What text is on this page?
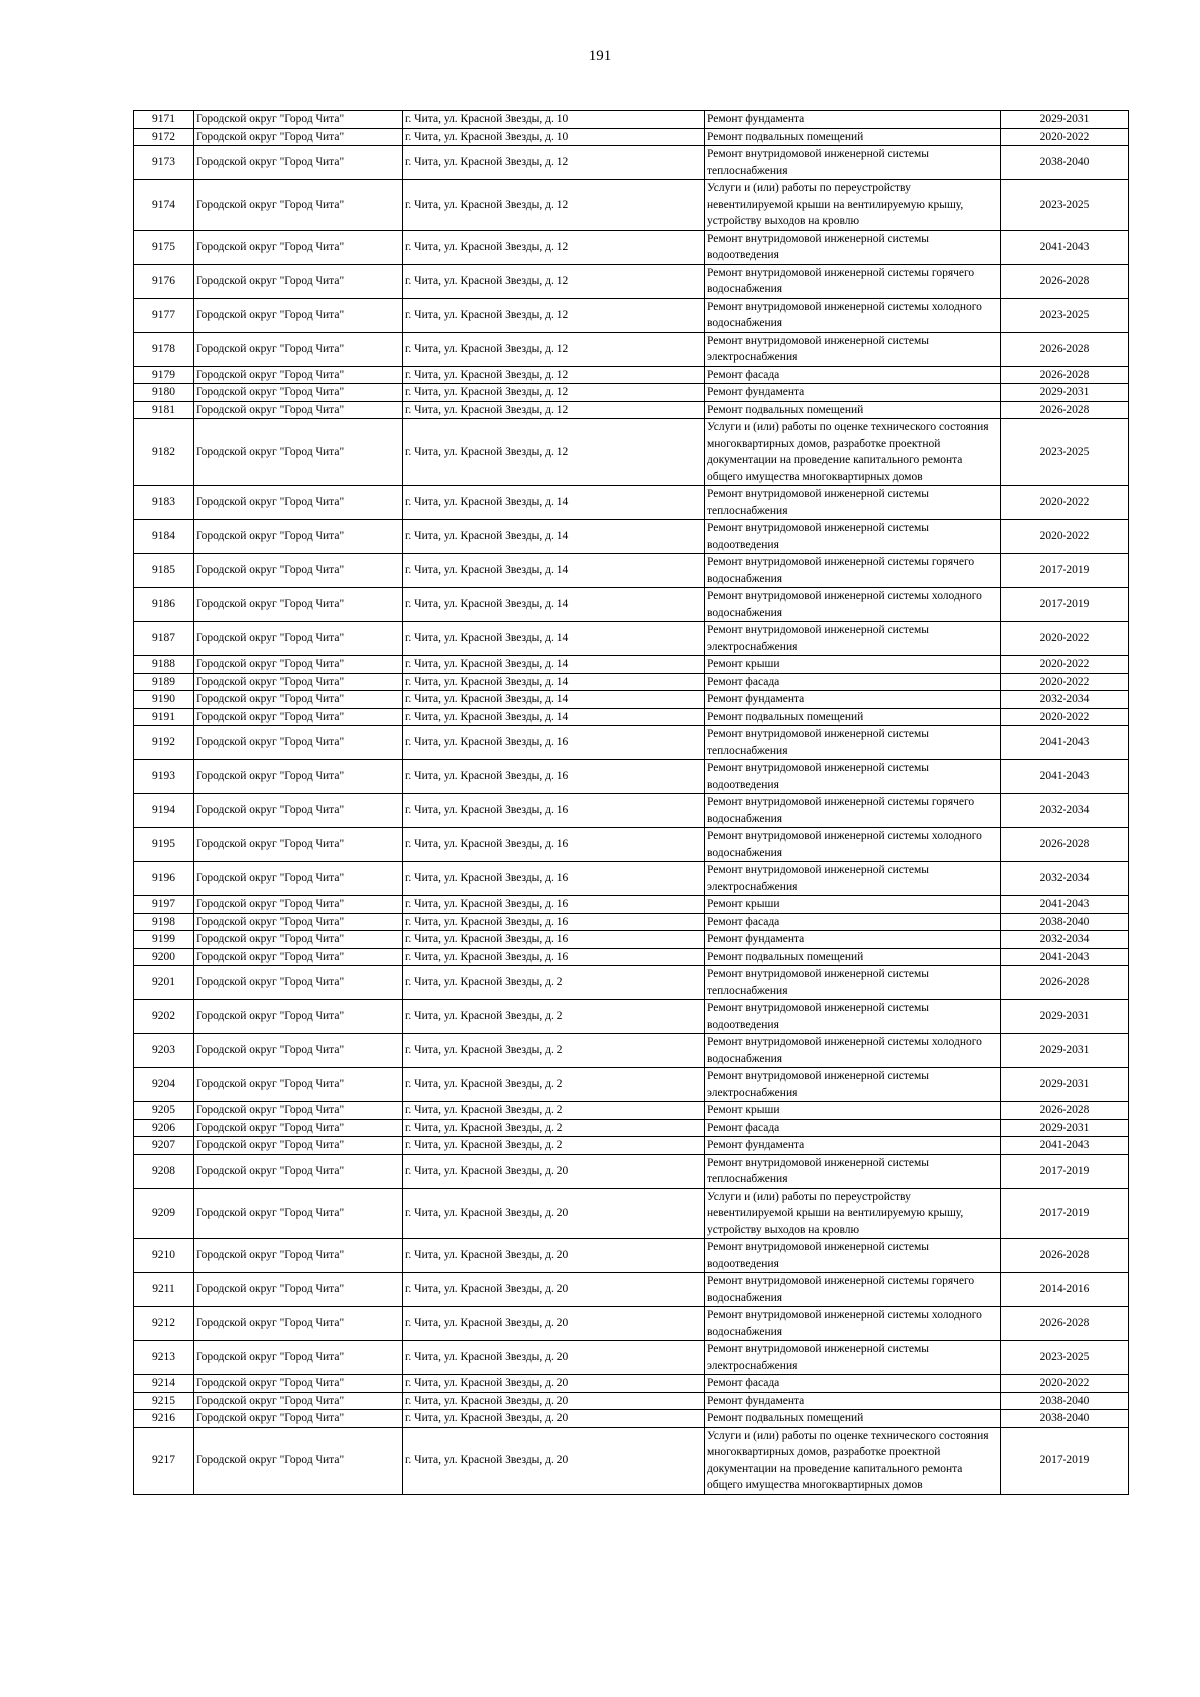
191
9171	Городской округ "Город Чита"	г. Чита, ул. Красной Звезды, д. 10	Ремонт фундамента	2029-2031
9172	Городской округ "Город Чита"	г. Чита, ул. Красной Звезды, д. 10	Ремонт подвальных помещений	2020-2022
9173	Городской округ "Город Чита"	г. Чита, ул. Красной Звезды, д. 12	Ремонт внутридомовой инженерной системы теплоснабжения	2038-2040
9174	Городской округ "Город Чита"	г. Чита, ул. Красной Звезды, д. 12	Услуги и (или) работы по переустройству невентилируемой крыши на вентилируемую крышу, устройству выходов на кровлю	2023-2025
9175	Городской округ "Город Чита"	г. Чита, ул. Красной Звезды, д. 12	Ремонт внутридомовой инженерной системы водоотведения	2041-2043
9176	Городской округ "Город Чита"	г. Чита, ул. Красной Звезды, д. 12	Ремонт внутридомовой инженерной системы горячего водоснабжения	2026-2028
9177	Городской округ "Город Чита"	г. Чита, ул. Красной Звезды, д. 12	Ремонт внутридомовой инженерной системы холодного водоснабжения	2023-2025
9178	Городской округ "Город Чита"	г. Чита, ул. Красной Звезды, д. 12	Ремонт внутридомовой инженерной системы электроснабжения	2026-2028
9179	Городской округ "Город Чита"	г. Чита, ул. Красной Звезды, д. 12	Ремонт фасада	2026-2028
9180	Городской округ "Город Чита"	г. Чита, ул. Красной Звезды, д. 12	Ремонт фундамента	2029-2031
9181	Городской округ "Город Чита"	г. Чита, ул. Красной Звезды, д. 12	Ремонт подвальных помещений	2026-2028
9182	Городской округ "Город Чита"	г. Чита, ул. Красной Звезды, д. 12	Услуги и (или) работы по оценке технического состояния многоквартирных домов, разработке проектной документации на проведение капитального ремонта общего имущества многоквартирных домов	2023-2025
9183	Городской округ "Город Чита"	г. Чита, ул. Красной Звезды, д. 14	Ремонт внутридомовой инженерной системы теплоснабжения	2020-2022
9184	Городской округ "Город Чита"	г. Чита, ул. Красной Звезды, д. 14	Ремонт внутридомовой инженерной системы водоотведения	2020-2022
9185	Городской округ "Город Чита"	г. Чита, ул. Красной Звезды, д. 14	Ремонт внутридомовой инженерной системы горячего водоснабжения	2017-2019
9186	Городской округ "Город Чита"	г. Чита, ул. Красной Звезды, д. 14	Ремонт внутридомовой инженерной системы холодного водоснабжения	2017-2019
9187	Городской округ "Город Чита"	г. Чита, ул. Красной Звезды, д. 14	Ремонт внутридомовой инженерной системы электроснабжения	2020-2022
9188	Городской округ "Город Чита"	г. Чита, ул. Красной Звезды, д. 14	Ремонт крыши	2020-2022
9189	Городской округ "Город Чита"	г. Чита, ул. Красной Звезды, д. 14	Ремонт фасада	2020-2022
9190	Городской округ "Город Чита"	г. Чита, ул. Красной Звезды, д. 14	Ремонт фундамента	2032-2034
9191	Городской округ "Город Чита"	г. Чита, ул. Красной Звезды, д. 14	Ремонт подвальных помещений	2020-2022
9192	Городской округ "Город Чита"	г. Чита, ул. Красной Звезды, д. 16	Ремонт внутридомовой инженерной системы теплоснабжения	2041-2043
9193	Городской округ "Город Чита"	г. Чита, ул. Красной Звезды, д. 16	Ремонт внутридомовой инженерной системы водоотведения	2041-2043
9194	Городской округ "Город Чита"	г. Чита, ул. Красной Звезды, д. 16	Ремонт внутридомовой инженерной системы горячего водоснабжения	2032-2034
9195	Городской округ "Город Чита"	г. Чита, ул. Красной Звезды, д. 16	Ремонт внутридомовой инженерной системы холодного водоснабжения	2026-2028
9196	Городской округ "Город Чита"	г. Чита, ул. Красной Звезды, д. 16	Ремонт внутридомовой инженерной системы электроснабжения	2032-2034
9197	Городской округ "Город Чита"	г. Чита, ул. Красной Звезды, д. 16	Ремонт крыши	2041-2043
9198	Городской округ "Город Чита"	г. Чита, ул. Красной Звезды, д. 16	Ремонт фасада	2038-2040
9199	Городской округ "Город Чита"	г. Чита, ул. Красной Звезды, д. 16	Ремонт фундамента	2032-2034
9200	Городской округ "Город Чита"	г. Чита, ул. Красной Звезды, д. 16	Ремонт подвальных помещений	2041-2043
9201	Городской округ "Город Чита"	г. Чита, ул. Красной Звезды, д. 2	Ремонт внутридомовой инженерной системы теплоснабжения	2026-2028
9202	Городской округ "Город Чита"	г. Чита, ул. Красной Звезды, д. 2	Ремонт внутридомовой инженерной системы водоотведения	2029-2031
9203	Городской округ "Город Чита"	г. Чита, ул. Красной Звезды, д. 2	Ремонт внутридомовой инженерной системы холодного водоснабжения	2029-2031
9204	Городской округ "Город Чита"	г. Чита, ул. Красной Звезды, д. 2	Ремонт внутридомовой инженерной системы электроснабжения	2029-2031
9205	Городской округ "Город Чита"	г. Чита, ул. Красной Звезды, д. 2	Ремонт крыши	2026-2028
9206	Городской округ "Город Чита"	г. Чита, ул. Красной Звезды, д. 2	Ремонт фасада	2029-2031
9207	Городской округ "Город Чита"	г. Чита, ул. Красной Звезды, д. 2	Ремонт фундамента	2041-2043
9208	Городской округ "Город Чита"	г. Чита, ул. Красной Звезды, д. 20	Ремонт внутридомовой инженерной системы теплоснабжения	2017-2019
9209	Городской округ "Город Чита"	г. Чита, ул. Красной Звезды, д. 20	Услуги и (или) работы по переустройству невентилируемой крыши на вентилируемую крышу, устройству выходов на кровлю	2017-2019
9210	Городской округ "Город Чита"	г. Чита, ул. Красной Звезды, д. 20	Ремонт внутридомовой инженерной системы водоотведения	2026-2028
9211	Городской округ "Город Чита"	г. Чита, ул. Красной Звезды, д. 20	Ремонт внутридомовой инженерной системы горячего водоснабжения	2014-2016
9212	Городской округ "Город Чита"	г. Чита, ул. Красной Звезды, д. 20	Ремонт внутридомовой инженерной системы холодного водоснабжения	2026-2028
9213	Городской округ "Город Чита"	г. Чита, ул. Красной Звезды, д. 20	Ремонт внутридомовой инженерной системы электроснабжения	2023-2025
9214	Городской округ "Город Чита"	г. Чита, ул. Красной Звезды, д. 20	Ремонт фасада	2020-2022
9215	Городской округ "Город Чита"	г. Чита, ул. Красной Звезды, д. 20	Ремонт фундамента	2038-2040
9216	Городской округ "Город Чита"	г. Чита, ул. Красной Звезды, д. 20	Ремонт подвальных помещений	2038-2040
9217	Городской округ "Город Чита"	г. Чита, ул. Красной Звезды, д. 20	Услуги и (или) работы по оценке технического состояния многоквартирных домов, разработке проектной документации на проведение капитального ремонта общего имущества многоквартирных домов	2017-2019
